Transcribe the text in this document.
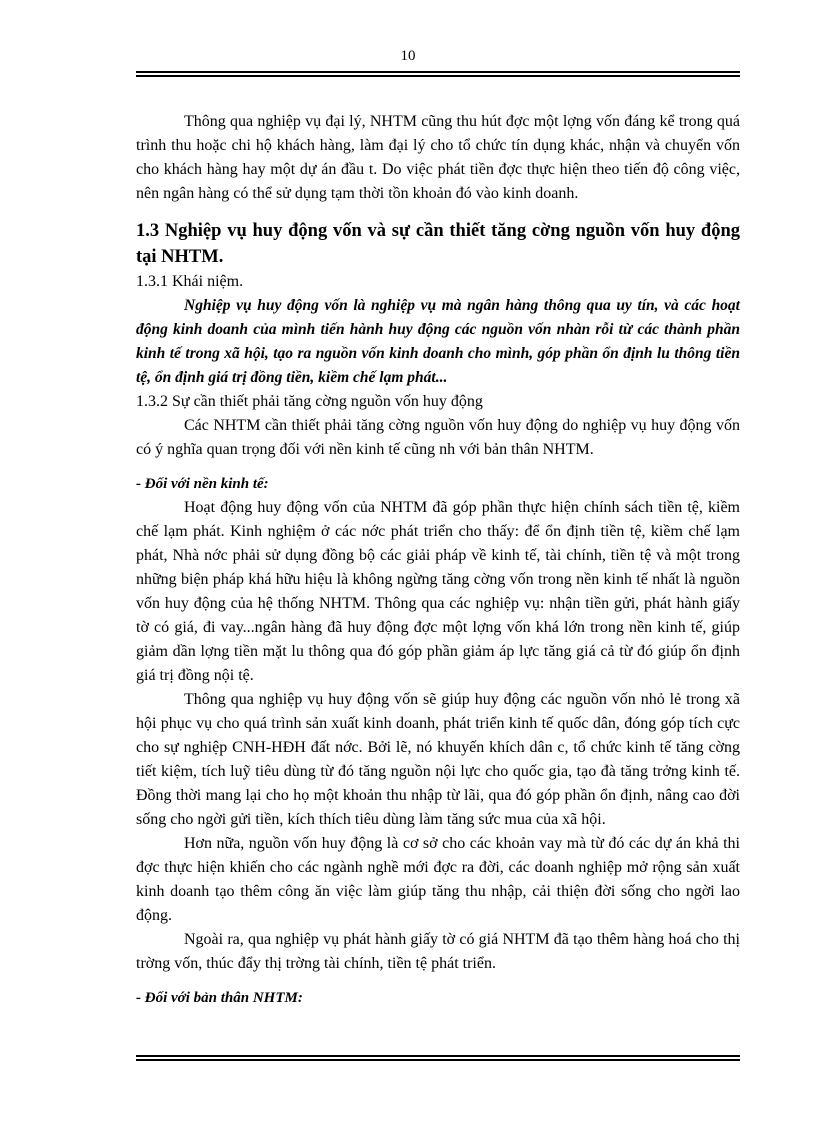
10

Thông qua nghiệp vụ đại lý, NHTM cũng thu hút đợc một lợng vốn đáng kể trong quá trình thu hoặc chi hộ khách hàng, làm đại lý cho tổ chức tín dụng khác, nhận và chuyển vốn cho khách hàng hay một dự án đầu t. Do việc phát tiền đợc thực hiện theo tiến độ công việc, nên ngân hàng có thể sử dụng tạm thời tồn khoản đó vào kinh doanh.

1.3 Nghiệp vụ huy động vốn và sự cần thiết tăng cờng nguồn vốn huy động tại NHTM.
1.3.1 Khái niệm.

Nghiệp vụ huy động vốn là nghiệp vụ mà ngân hàng thông qua uy tín, và các hoạt động kinh doanh của mình tiến hành huy động các nguồn vốn nhàn rỗi từ các thành phần kinh tế trong xã hội, tạo ra nguồn vốn kinh doanh cho mình, góp phần ổn định lu thông tiền tệ, ổn định giá trị đồng tiền, kiềm chế lạm phát...

1.3.2 Sự cần thiết phải tăng cờng nguồn vốn huy động

Các NHTM cần thiết phải tăng cờng nguồn vốn huy động do nghiệp vụ huy động vốn có ý nghĩa quan trọng đối với nền kinh tế cũng nh với bản thân NHTM.

- Đối với nền kinh tế:

Hoạt động huy động vốn của NHTM đã góp phần thực hiện chính sách tiền tệ, kiềm chế lạm phát. Kinh nghiệm ở các nớc phát triển cho thấy: để ổn định tiền tệ, kiềm chế lạm phát, Nhà nớc phải sử dụng đồng bộ các giải pháp về kinh tế, tài chính, tiền tệ và một trong những biện pháp khá hữu hiệu là không ngừng tăng cờng vốn trong nền kinh tế nhất là nguồn vốn huy động của hệ thống NHTM. Thông qua các nghiệp vụ: nhận tiền gửi, phát hành giấy tờ có giá, đi vay...ngân hàng đã huy động đợc một lợng vốn khá lớn trong nền kinh tế, giúp giảm dần lợng tiền mặt lu thông qua đó góp phần giảm áp lực tăng giá cả từ đó giúp ổn định giá trị đồng nội tệ.

Thông qua nghiệp vụ huy động vốn sẽ giúp huy động các nguồn vốn nhỏ lẻ trong xã hội phục vụ cho quá trình sản xuất kinh doanh, phát triển kinh tế quốc dân, đóng góp tích cực cho sự nghiệp CNH-HĐH đất nớc. Bởi lẽ, nó khuyến khích dân c, tổ chức kinh tế tăng cờng tiết kiệm, tích luỹ tiêu dùng từ đó tăng nguồn nội lực cho quốc gia, tạo đà tăng trởng kinh tế. Đồng thời mang lại cho họ một khoản thu nhập từ lãi, qua đó góp phần ổn định, nâng cao đời sống cho ngời gửi tiền, kích thích tiêu dùng làm tăng sức mua của xã hội.

Hơn nữa, nguồn vốn huy động là cơ sở cho các khoản vay mà từ đó các dự án khả thi đợc thực hiện khiến cho các ngành nghề mới đợc ra đời, các doanh nghiệp mở rộng sản xuất kinh doanh tạo thêm công ăn việc làm giúp tăng thu nhập, cải thiện đời sống cho ngời lao động.

Ngoài ra, qua nghiệp vụ phát hành giấy tờ có giá NHTM đã tạo thêm hàng hoá cho thị trờng vốn, thúc đẩy thị trờng tài chính, tiền tệ phát triển.

- Đối với bản thân NHTM:
